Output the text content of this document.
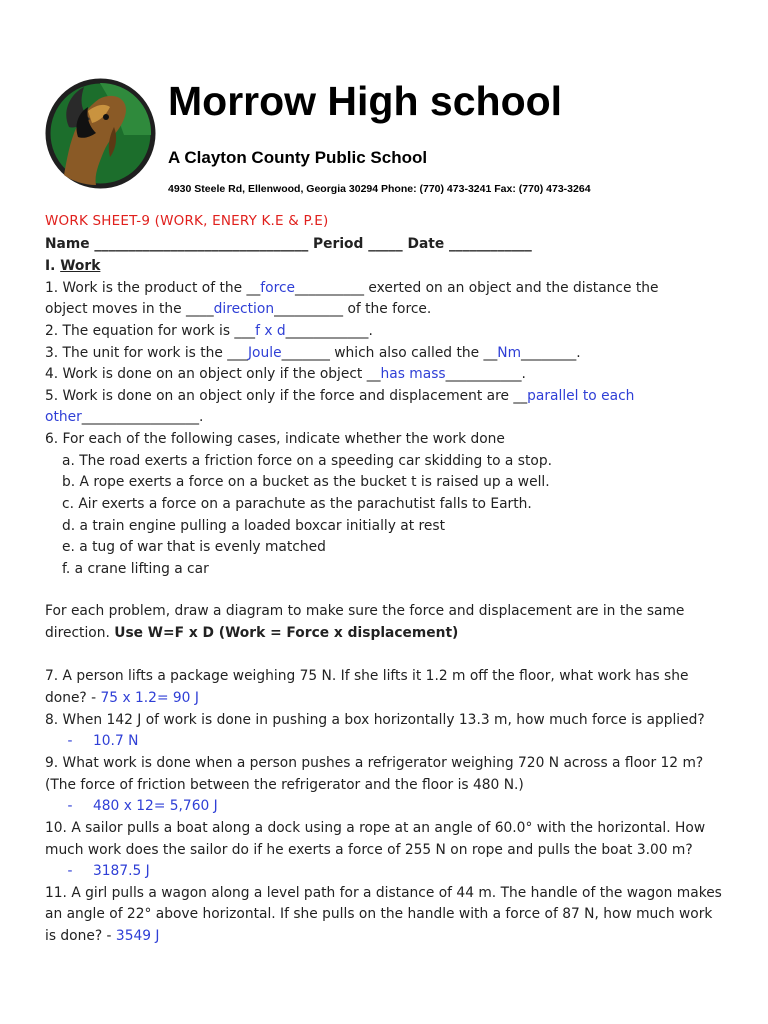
Morrow High school
A Clayton County Public School
4930 Steele Rd, Ellenwood, Georgia 30294 Phone: (770) 473-3241 Fax: (770) 473-3264
WORK SHEET-9 (WORK, ENERY K.E & P.E)
Name _______________________________ Period _____ Date ____________
I. Work
1. Work is the product of the __force__________ exerted on an object and the distance the
object moves in the ____direction__________ of the force.
2. The equation for work is ___f x d____________.
3. The unit for work is the ___Joule_______ which also called the __Nm________.
4. Work is done on an object only if the object __has mass___________.
5. Work is done on an object only if the force and displacement are __parallel to each
other_________________.
6. For each of the following cases, indicate whether the work done
a. The road exerts a friction force on a speeding car skidding to a stop.
b. A rope exerts a force on a bucket as the bucket t is raised up a well.
c. Air exerts a force on a parachute as the parachutist falls to Earth.
d. a train engine pulling a loaded boxcar initially at rest
e. a tug of war that is evenly matched
f. a crane lifting a car
For each problem, draw a diagram to make sure the force and displacement are in the same
direction. Use W=F x D (Work = Force x displacement)
7. A person lifts a package weighing 75 N. If she lifts it 1.2 m off the floor, what work has she
done? - 75 x 1.2= 90 J
8. When 142 J of work is done in pushing a box horizontally 13.3 m, how much force is applied?
- 10.7 N
9. What work is done when a person pushes a refrigerator weighing 720 N across a floor 12 m?
(The force of friction between the refrigerator and the floor is 480 N.)
- 480 x 12= 5,760 J
10. A sailor pulls a boat along a dock using a rope at an angle of 60.0° with the horizontal. How
much work does the sailor do if he exerts a force of 255 N on rope and pulls the boat 3.00 m?
- 3187.5 J
11. A girl pulls a wagon along a level path for a distance of 44 m. The handle of the wagon makes
an angle of 22° above horizontal. If she pulls on the handle with a force of 87 N, how much work
is done? - 3549 J
